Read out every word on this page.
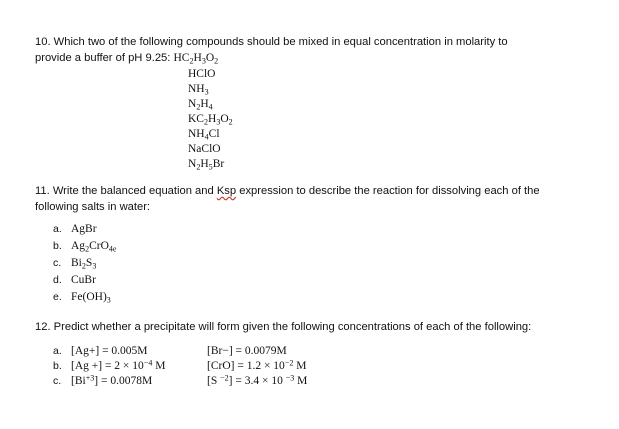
10. Which two of the following compounds should be mixed in equal concentration in molarity to
provide a buffer of pH 9.25: $HC_2H_3O_2$
HClO
$NH_3$
$N_2H_4$
$KC_2H_3O_2$
$NH_4Cl$
NaClO
$N_2H_5Br$
11. Write the balanced equation and Ksp expression to describe the reaction for dissolving each of the
following salts in water:
a. AgBr
b. $Ag_2CrO_{4e}$
c. $Bi_2S_3$
d. CuBr
e. $Fe(OH)_3$
12. Predict whether a precipitate will form given the following concentrations of each of the following:
a. [Ag+] = 0.005M	[Br−] = 0.0079M
b. [Ag +] = $2 \times 10^{-4}$ M	$[CrO] = 1.2 \times 10^{-2}$ M
c. $[Bi^{+3}] = 0.0078M$	[S $^{-2}$] = 3.4 × 10 $^{-3}$ M
